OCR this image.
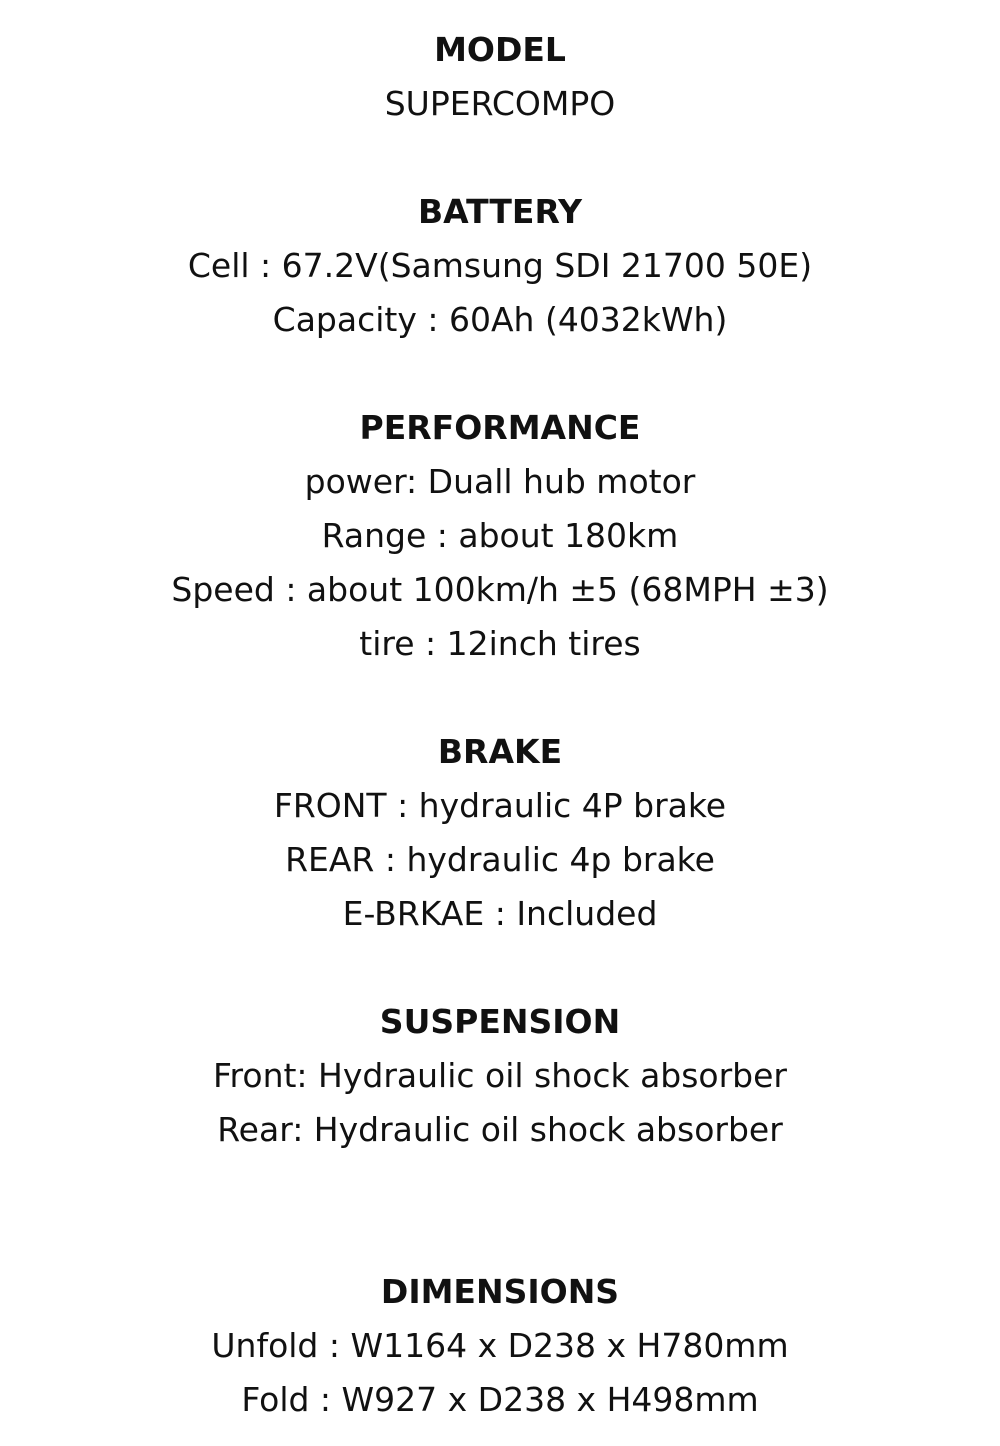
MODEL
SUPERCOMPO
BATTERY
Cell : 67.2V(Samsung SDI 21700 50E)
Capacity : 60Ah (4032kWh)
PERFORMANCE
power: Duall hub motor
Range : about 180km
Speed : about 100km/h ±5 (68MPH ±3)
tire : 12inch tires
BRAKE
FRONT : hydraulic 4P brake
REAR : hydraulic 4p brake
E-BRKAE : Included
SUSPENSION
Front: Hydraulic oil shock absorber
Rear: Hydraulic oil shock absorber
DIMENSIONS
Unfold : W1164 x D238 x H780mm
Fold : W927 x D238 x H498mm
